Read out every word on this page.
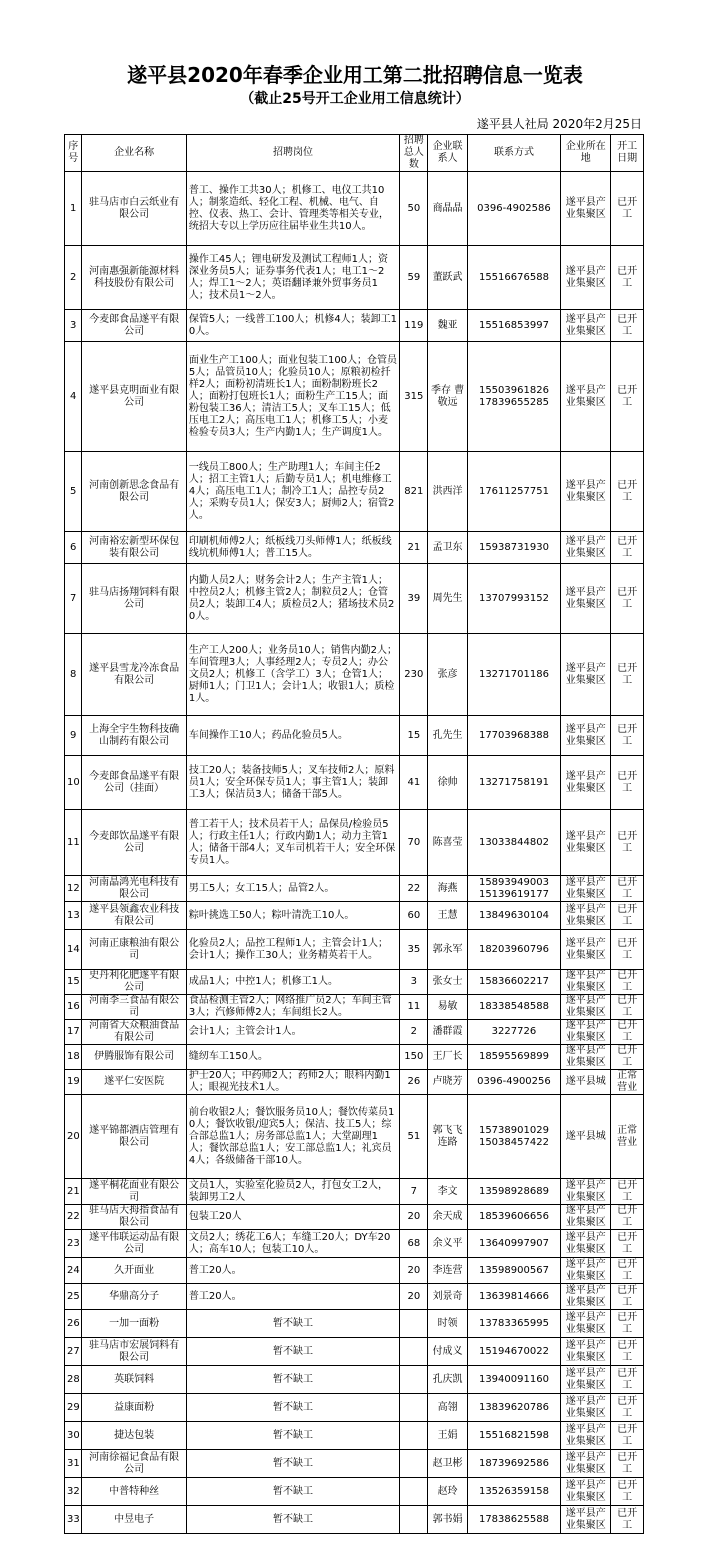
遂平县2020年春季企业用工第二批招聘信息一览表
（截止25号开工企业用工信息统计）
遂平县人社局 2020年2月25日
序号	企业名称	招聘岗位	招聘总人数	企业联系人	联系方式	企业所在地	开工日期
1	驻马店市白云纸业有限公司	普工、操作工共30人；机修工、电仪工共10人；制浆造纸、轻化工程、机械、电气、自控、仪表、热工、会计、管理类等相关专业，统招大专以上学历应往届毕业生共10人。	50	商晶晶	0396-4902586	遂平县产业集聚区	已开工
2	河南惠强新能源材料科技股份有限公司	操作工45人；锂电研发及测试工程师1人；资深业务员5人；证券事务代表1人；电工1～2人；焊工1～2人；英语翻译兼外贸事务员1人；技术员1～2人。	59	董跃武	15516676588	遂平县产业集聚区	已开工
3	今麦郎食品遂平有限公司	保管5人；一线普工100人；机修4人；装卸工10人。	119	魏亚	15516853997	遂平县产业集聚区	已开工
4	遂平县克明面业有限公司	面业生产工100人；面业包装工100人；仓管员5人；品管员10人；化验员10人；原粮初检扦样2人；面粉初清班长1人；面粉制粉班长2人；面粉打包班长1人；面粉生产工15人；面粉包装工36人；清洁工5人；叉车工15人；低压电工2人；高压电工1人；机修工5人；小麦检验专员3人；生产内勤1人；生产调度1人。	315	季存 曹敬远	15503961826 17839655285	遂平县产业集聚区	已开工
5	河南创新思念食品有限公司	一线员工800人；生产助理1人；车间主任2人；招工主管1人；后勤专员1人；机电维修工4人；高压电工1人；制冷工1人；品控专员2人；采购专员1人；保安3人；厨师2人；宿管2人。	821	洪西洋	17611257751	遂平县产业集聚区	已开工
6	河南裕宏新型环保包装有限公司	印刷机师傅2人；纸板线刀头师傅1人；纸板线线坑机师傅1人；普工15人。	21	孟卫东	15938731930	遂平县产业集聚区	已开工
7	驻马店扬翔饲料有限公司	内勤人员2人；财务会计2人；生产主管1人；中控员2人；机修主管2人；制粒员2人；仓管员2人；装卸工4人；质检员2人；猪场技术员20人。	39	周先生	13707993152	遂平县产业集聚区	已开工
8	遂平县雪龙冷冻食品有限公司	生产工人200人；业务员10人；销售内勤2人；车间管理3人；人事经理2人；专员2人；办公文员2人；机修工（含学工）3人；仓管1人；厨师1人；门卫1人；会计1人；收银1人；质检1人。	230	张彦	13271701186	遂平县产业集聚区	已开工
9	上海全宇生物科技确山制药有限公司	车间操作工10人；药品化验员5人。	15	孔先生	17703968388	遂平县产业集聚区	已开工
10	今麦郎食品遂平有限公司（挂面）	技工20人；装备技师5人；叉车技师2人；原料员1人；安全环保专员1人；事主管1人；装卸工3人；保洁员3人；储备干部5人。	41	徐帅	13271758191	遂平县产业集聚区	已开工
11	今麦郎饮品遂平有限公司	普工若干人；技术员若干人；品保员/检验员5人；行政主任1人；行政内勤1人；动力主管1人；储备干部4人；叉车司机若干人；安全环保专员1人。	70	陈喜莹	13033844802	遂平县产业集聚区	已开工
12	河南晶鸿光电科技有限公司	男工5人；女工15人；品管2人。	22	海燕	15893949003 15139619177	遂平县产业集聚区	已开工
13	遂平县领鑫农业科技有限公司	粽叶挑选工50人；粽叶清洗工10人。	60	王慧	13849630104	遂平县产业集聚区	已开工
14	河南正康粮油有限公司	化验员2人；品控工程师1人；主管会计1人；会计1人；操作工30人；业务精英若干人。	35	郭永军	18203960796	遂平县产业集聚区	已开工
15	史丹利化肥遂平有限公司	成品1人；中控1人；机修工1人。	3	张女士	15836602217	遂平县产业集聚区	已开工
16	河南李三食品有限公司	食品检测主管2人；网络推广员2人；车间主管3人；汽修师傅2人；车间组长2人。	11	易敏	18338548588	遂平县产业集聚区	已开工
17	河南省大众粮油食品有限公司	会计1人；主管会计1人。	2	潘群霞	3227726	遂平县产业集聚区	已开工
18	伊腾服饰有限公司	缝纫车工150人。	150	王厂长	18595569899	遂平县产业集聚区	已开工
19	遂平仁安医院	护士20人；中药师2人；药师2人；眼科内勤1人；眼视光技术1人。	26	卢晓芳	0396-4900256	遂平县城	正常营业
20	遂平锦都酒店管理有限公司	前台收银2人；餐饮服务员10人；餐饮传菜员10人；餐饮收银/迎宾5人；保洁、技工5人；综合部总监1人；房务部总监1人；大堂副理1人；餐饮部总监1人；安工部总监1人；礼宾员4人；各级储备干部10人。	51	郭飞飞 连路	15738901029 15038457422	遂平县城	正常营业
21	遂平桐花面业有限公司	文员1人，实验室化验员2人，打包女工2人，装卸男工2人	7	李文	13598928689	遂平县产业集聚区	已开工
22	驻马店大拇指食品有限公司	包装工20人	20	余天成	18539606656	遂平县产业集聚区	已开工
23	遂平伟联运动品有限公司	文员2人；绣花工6人；车缝工20人；DY车20人；高车10人；包装工10人。	68	余义平	13640997907	遂平县产业集聚区	已开工
24	久开面业	普工20人。	20	李连营	13598900567	遂平县产业集聚区	已开工
25	华鼎高分子	普工20人。	20	刘景奇	13639814666	遂平县产业集聚区	已开工
26	一加一面粉	暂不缺工		时领	13783365995	遂平县产业集聚区	已开工
27	驻马店市宏展饲料有限公司	暂不缺工		付成义	15194670022	遂平县产业集聚区	已开工
28	英联饲料	暂不缺工		孔庆凯	13940091160	遂平县产业集聚区	已开工
29	益康面粉	暂不缺工		高翎	13839620786	遂平县产业集聚区	已开工
30	捷达包装	暂不缺工		王娟	15516821598	遂平县产业集聚区	已开工
31	河南徐福记食品有限公司	暂不缺工		赵卫彬	18739692586	遂平县产业集聚区	已开工
32	中普特种丝	暂不缺工		赵玲	13526359158	遂平县产业集聚区	已开工
33	中昱电子	暂不缺工		郭书娟	17838625588	遂平县产业集聚区	已开工
